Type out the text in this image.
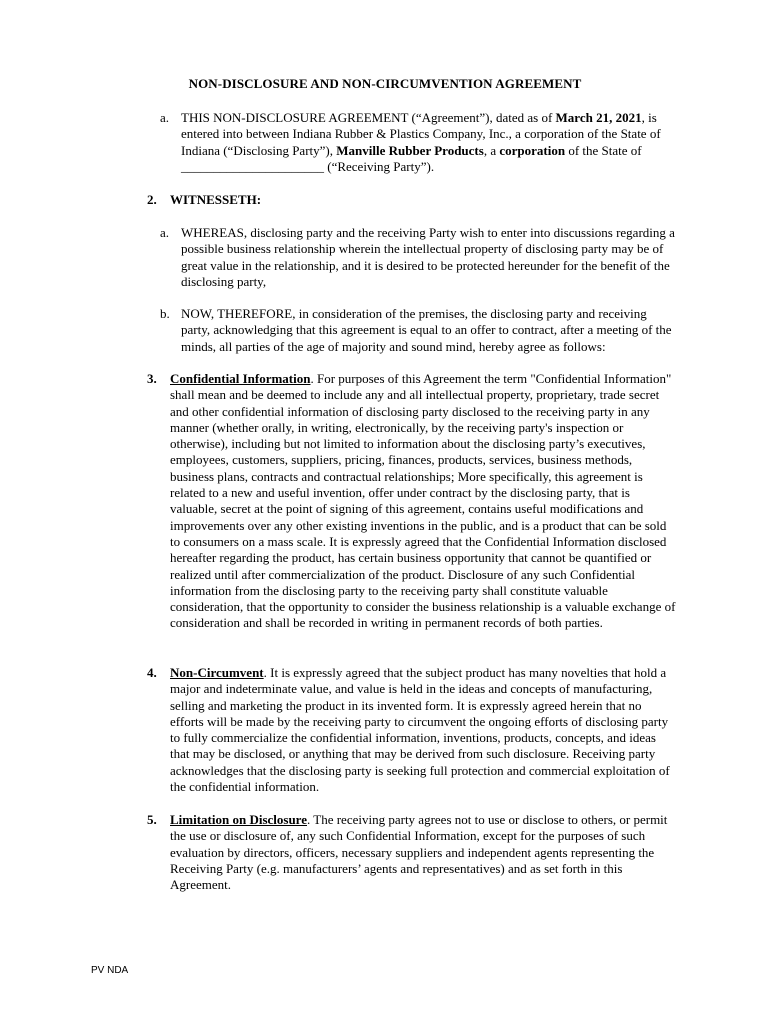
NON-DISCLOSURE AND NON-CIRCUMVENTION AGREEMENT
a. THIS NON-DISCLOSURE AGREEMENT (“Agreement”), dated as of March 21, 2021, is entered into between Indiana Rubber & Plastics Company, Inc., a corporation of the State of Indiana (“Disclosing Party”), Manville Rubber Products, a corporation of the State of ______________________ (“Receiving Party”).
2. WITNESSETH:
a. WHEREAS, disclosing party and the receiving Party wish to enter into discussions regarding a possible business relationship wherein the intellectual property of disclosing party may be of great value in the relationship, and it is desired to be protected hereunder for the benefit of the disclosing party,
b. NOW, THEREFORE, in consideration of the premises, the disclosing party and receiving party, acknowledging that this agreement is equal to an offer to contract, after a meeting of the minds, all parties of the age of majority and sound mind, hereby agree as follows:
3. Confidential Information. For purposes of this Agreement the term "Confidential Information" shall mean and be deemed to include any and all intellectual property, proprietary, trade secret and other confidential information of disclosing party disclosed to the receiving party in any manner (whether orally, in writing, electronically, by the receiving party's inspection or otherwise), including but not limited to information about the disclosing party’s executives, employees, customers, suppliers, pricing, finances, products, services, business methods, business plans, contracts and contractual relationships; More specifically, this agreement is related to a new and useful invention, offer under contract by the disclosing party, that is valuable, secret at the point of signing of this agreement, contains useful modifications and improvements over any other existing inventions in the public, and is a product that can be sold to consumers on a mass scale. It is expressly agreed that the Confidential Information disclosed hereafter regarding the product, has certain business opportunity that cannot be quantified or realized until after commercialization of the product. Disclosure of any such Confidential information from the disclosing party to the receiving party shall constitute valuable consideration, that the opportunity to consider the business relationship is a valuable exchange of consideration and shall be recorded in writing in permanent records of both parties.
4. Non-Circumvent. It is expressly agreed that the subject product has many novelties that hold a major and indeterminate value, and value is held in the ideas and concepts of manufacturing, selling and marketing the product in its invented form. It is expressly agreed herein that no efforts will be made by the receiving party to circumvent the ongoing efforts of disclosing party to fully commercialize the confidential information, inventions, products, concepts, and ideas that may be disclosed, or anything that may be derived from such disclosure. Receiving party acknowledges that the disclosing party is seeking full protection and commercial exploitation of the confidential information.
5. Limitation on Disclosure. The receiving party agrees not to use or disclose to others, or permit the use or disclosure of, any such Confidential Information, except for the purposes of such evaluation by directors, officers, necessary suppliers and independent agents representing the Receiving Party (e.g. manufacturers’ agents and representatives) and as set forth in this Agreement.
PV NDA
